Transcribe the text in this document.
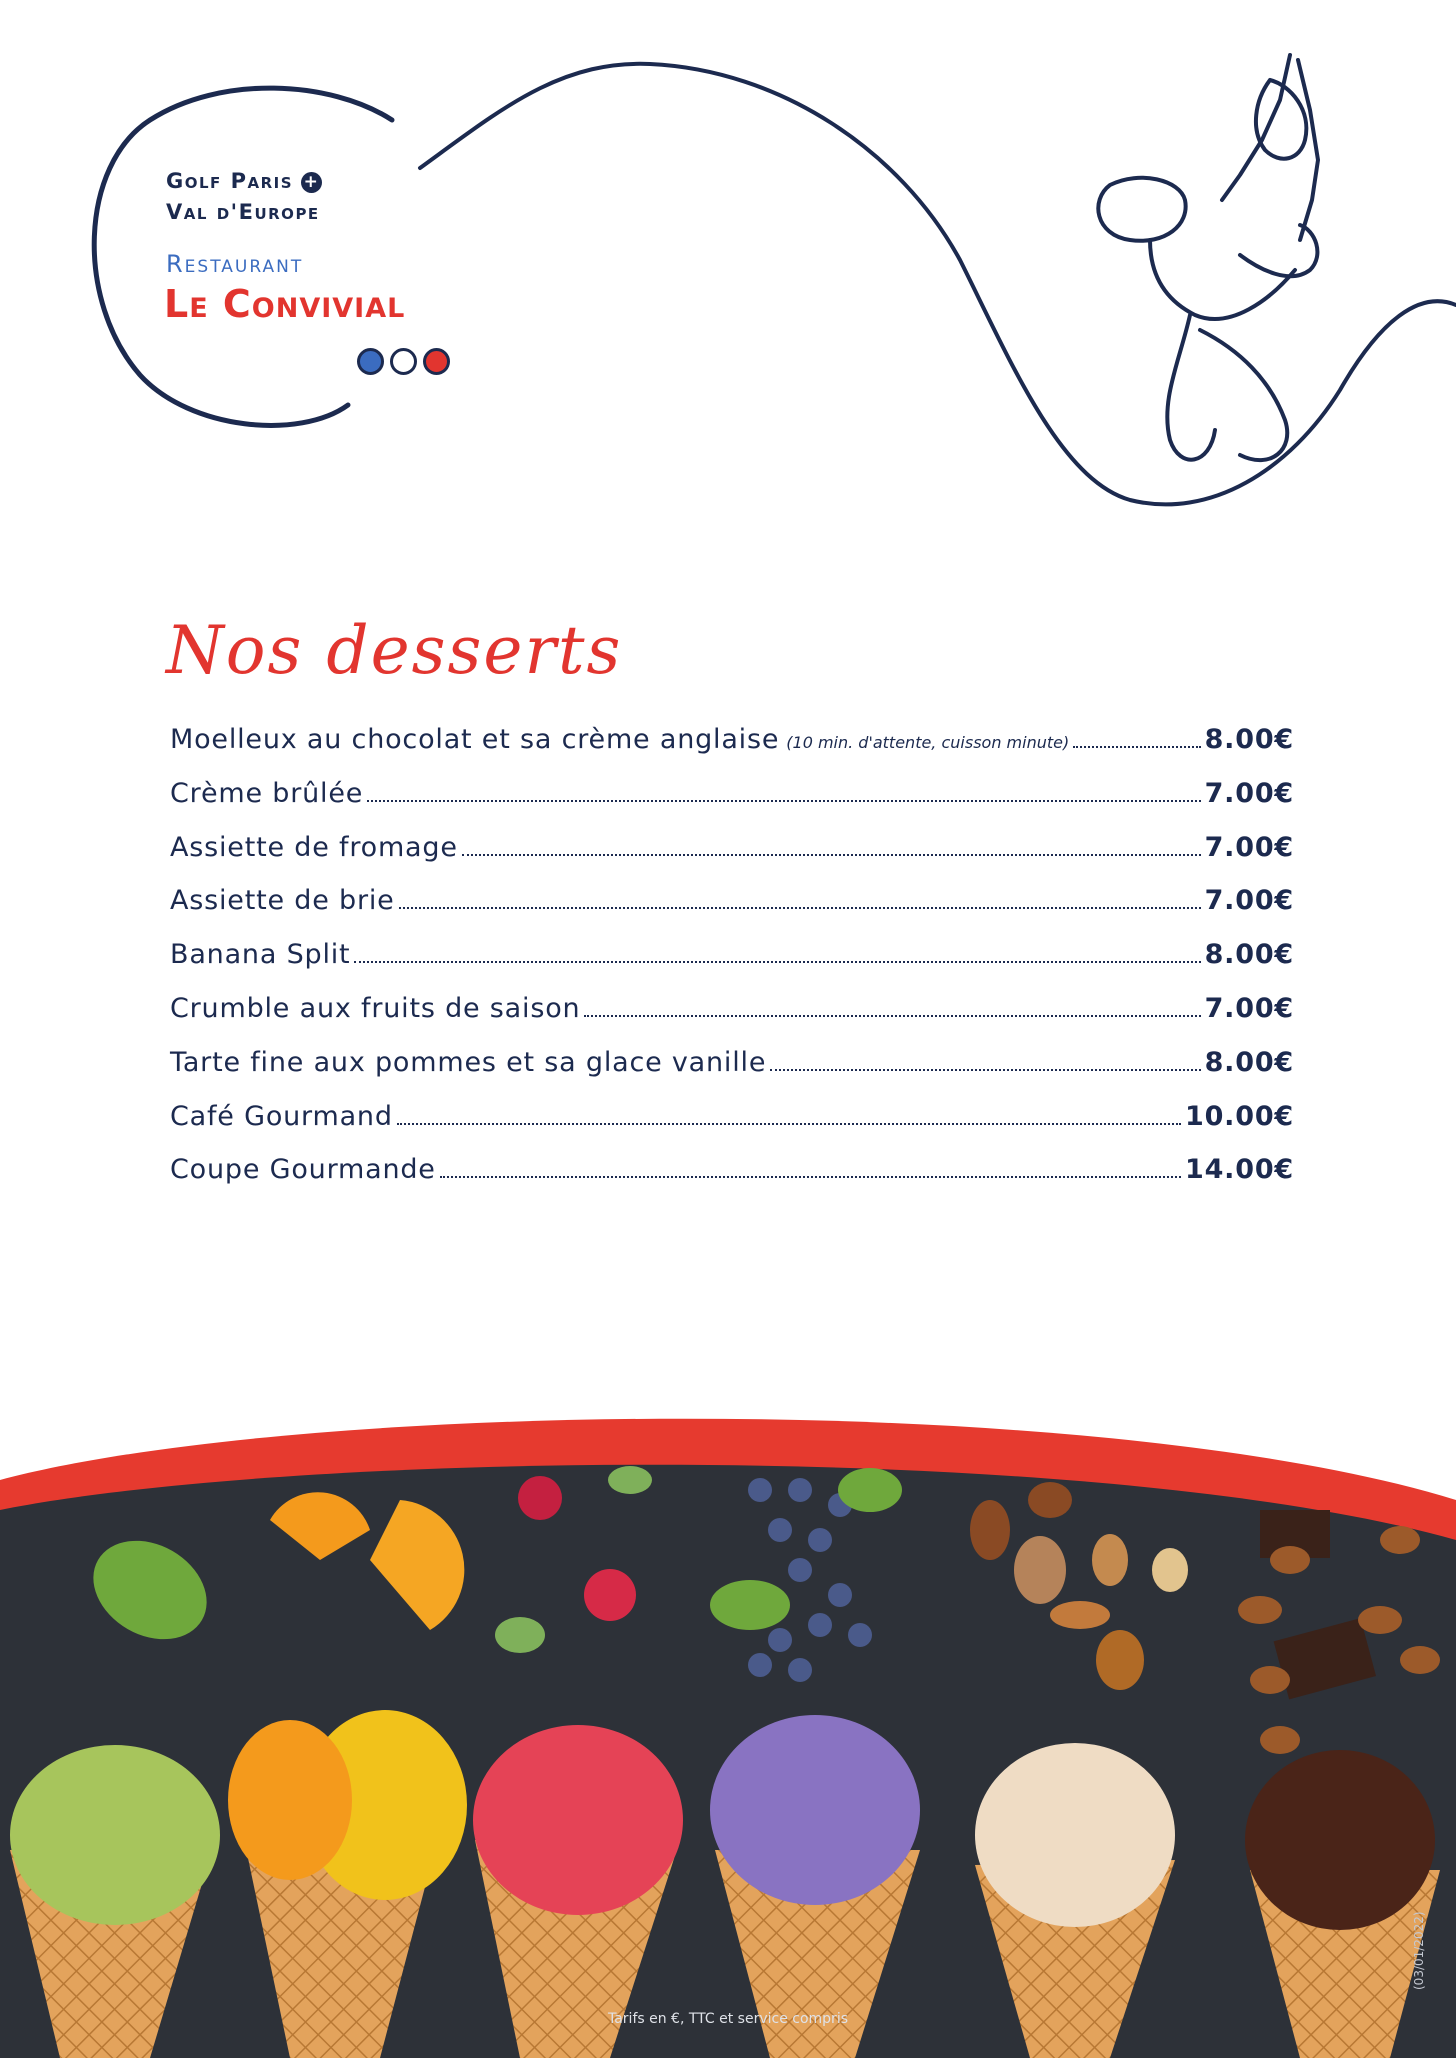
Golf Paris +
Val d'Europe
Restaurant
Le Convivial
Nos desserts
Moelleux au chocolat et sa crème anglaise (10 min. d'attente, cuisson minute)	8.00€
Crème brûlée	7.00€
Assiette de fromage	7.00€
Assiette de brie	7.00€
Banana Split	8.00€
Crumble aux fruits de saison	7.00€
Tarte fine aux pommes et sa glace vanille	8.00€
Café Gourmand	10.00€
Coupe Gourmande	14.00€
Tarifs en €, TTC et service compris
(03/01/2022)
